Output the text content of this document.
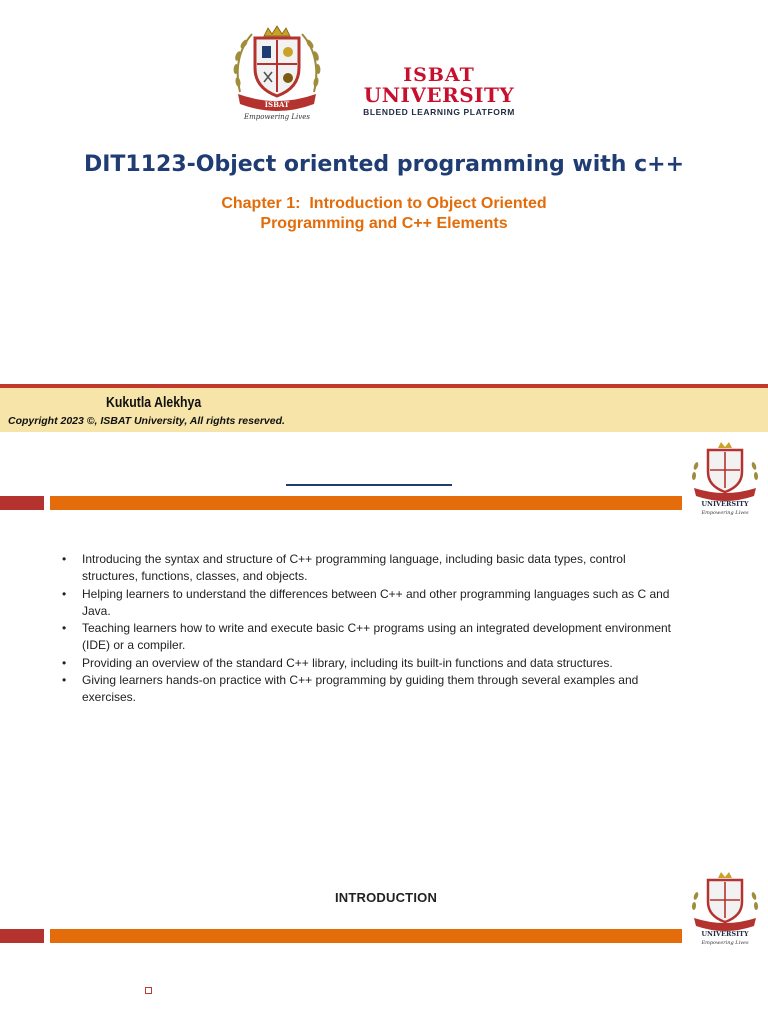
ISBAT
Empowering Lives
ISBAT
UNIVERSITY
BLENDED LEARNING PLATFORM
DIT1123-Object oriented programming with c++
Chapter 1:  Introduction to Object Oriented
Programming and C++ Elements
Kukutla Alekhya
Copyright 2023 ©, ISBAT University, All rights reserved.
UNIVERSITY
Empowering Lives
• Introducing the syntax and structure of C++ programming language, including basic data types, control structures, functions, classes, and objects.
• Helping learners to understand the differences between C++ and other programming languages such as C and Java.
• Teaching learners how to write and execute basic C++ programs using an integrated development environment (IDE) or a compiler.
• Providing an overview of the standard C++ library, including its built-in functions and data structures.
• Giving learners hands-on practice with C++ programming by guiding them through several examples and exercises.
INTRODUCTION
UNIVERSITY
Empowering Lives
